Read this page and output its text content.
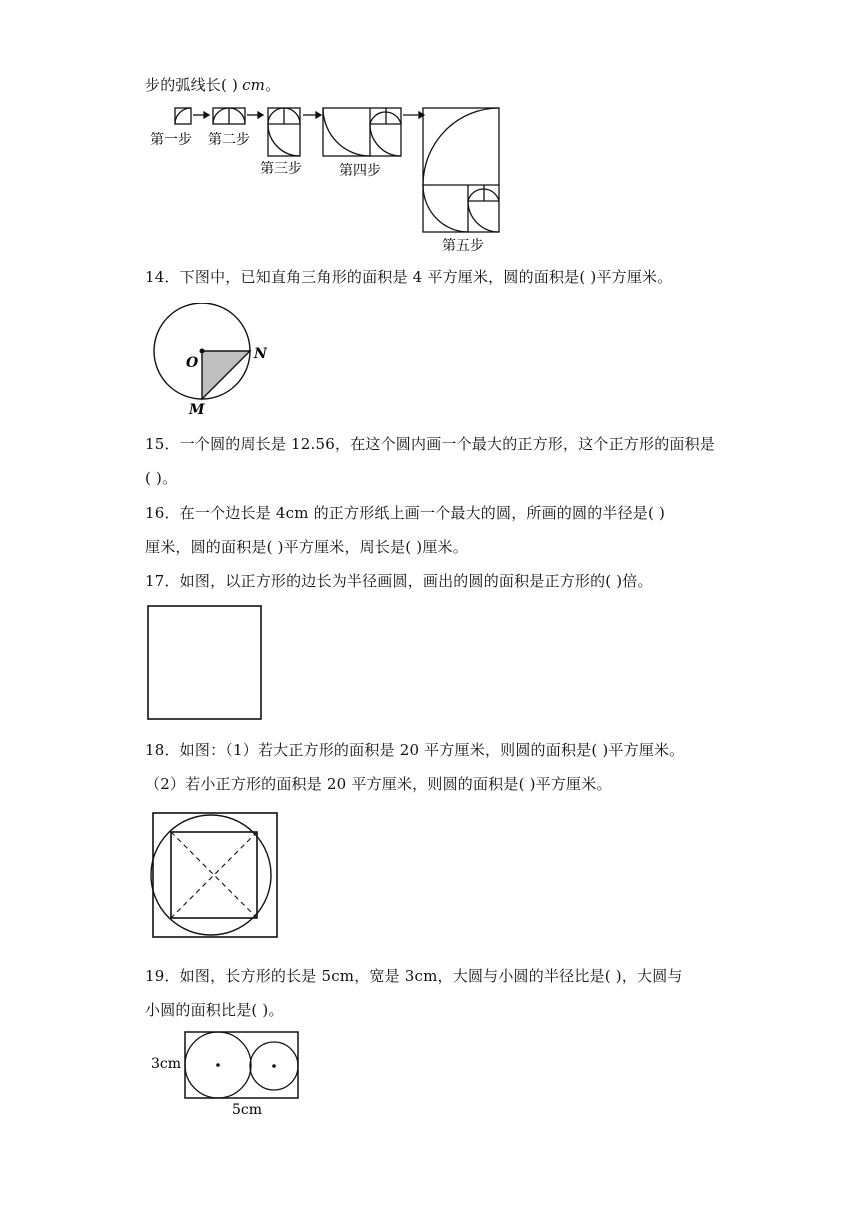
步的弧线长( ) cm。
第一步 第二步
第三步	第四步
第五步
14．下图中，已知直角三角形的面积是 4 平方厘米，圆的面积是( )平方厘米。
O
N
M
15．一个圆的周长是 12.56，在这个圆内画一个最大的正方形，这个正方形的面积是
( )。
16．在一个边长是 4cm 的正方形纸上画一个最大的圆，所画的圆的半径是( )
厘米，圆的面积是( )平方厘米，周长是( )厘米。
17．如图，以正方形的边长为半径画圆，画出的圆的面积是正方形的( )倍。
18．如图：（1）若大正方形的面积是 20 平方厘米，则圆的面积是( )平方厘米。
（2）若小正方形的面积是 20 平方厘米，则圆的面积是( )平方厘米。
19．如图，长方形的长是 5cm，宽是 3cm，大圆与小圆的半径比是( )，大圆与
小圆的面积比是( )。
3cm
5cm
